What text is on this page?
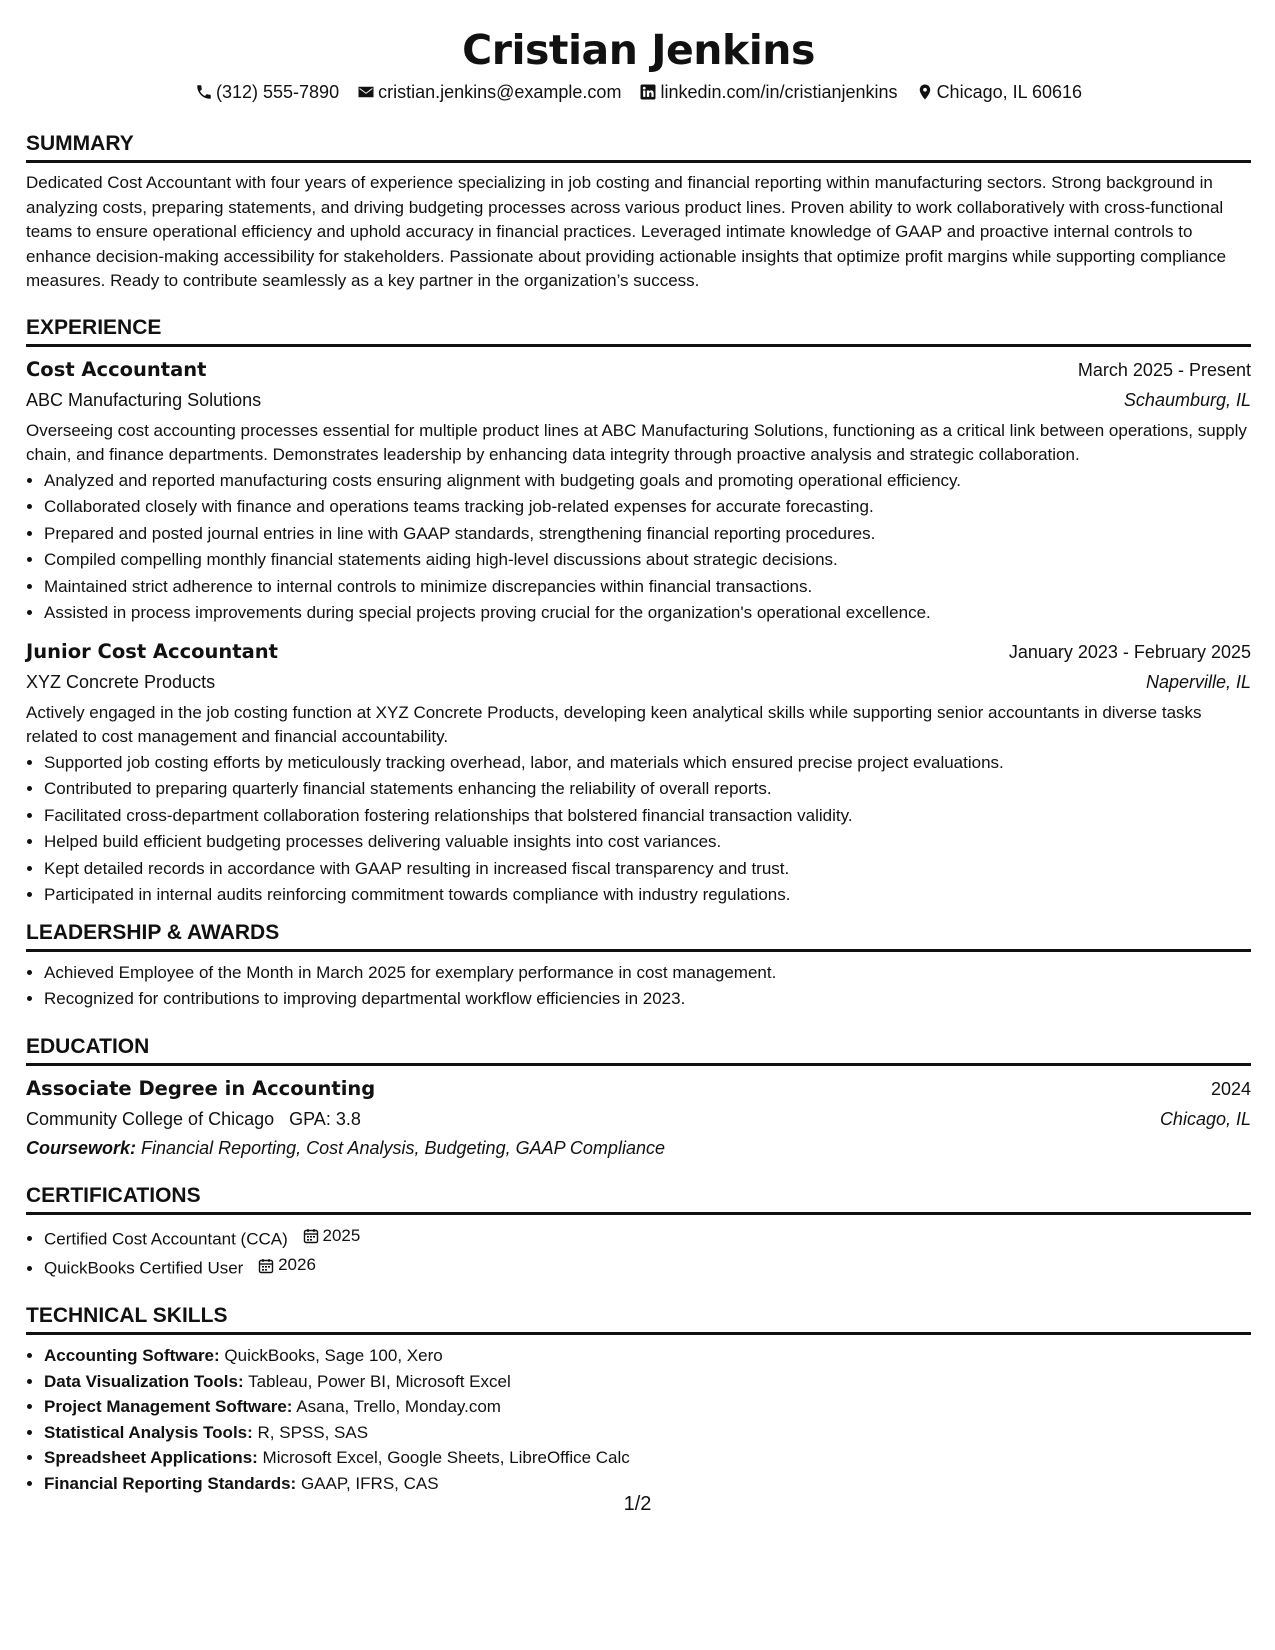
Cristian Jenkins
(312) 555-7890 cristian.jenkins@example.com linkedin.com/in/cristianjenkins Chicago, IL 60616
SUMMARY

Dedicated Cost Accountant with four years of experience specializing in job costing and financial reporting within manufacturing sectors. Strong background in analyzing costs, preparing statements, and driving budgeting processes across various product lines. Proven ability to work collaboratively with cross-functional teams to ensure operational efficiency and uphold accuracy in financial practices. Leveraged intimate knowledge of GAAP and proactive internal controls to enhance decision-making accessibility for stakeholders. Passionate about providing actionable insights that optimize profit margins while supporting compliance measures. Ready to contribute seamlessly as a key partner in the organization’s success.

EXPERIENCE
Cost Accountant	March 2025 - Present
ABC Manufacturing Solutions	Schaumburg, IL

Overseeing cost accounting processes essential for multiple product lines at ABC Manufacturing Solutions, functioning as a critical link between operations, supply chain, and finance departments. Demonstrates leadership by enhancing data integrity through proactive analysis and strategic collaboration.

• Analyzed and reported manufacturing costs ensuring alignment with budgeting goals and promoting operational efficiency.
• Collaborated closely with finance and operations teams tracking job-related expenses for accurate forecasting.
• Prepared and posted journal entries in line with GAAP standards, strengthening financial reporting procedures.
• Compiled compelling monthly financial statements aiding high-level discussions about strategic decisions.
• Maintained strict adherence to internal controls to minimize discrepancies within financial transactions.
• Assisted in process improvements during special projects proving crucial for the organization's operational excellence.
Junior Cost Accountant	January 2023 - February 2025
XYZ Concrete Products	Naperville, IL

Actively engaged in the job costing function at XYZ Concrete Products, developing keen analytical skills while supporting senior accountants in diverse tasks related to cost management and financial accountability.

• Supported job costing efforts by meticulously tracking overhead, labor, and materials which ensured precise project evaluations.
• Contributed to preparing quarterly financial statements enhancing the reliability of overall reports.
• Facilitated cross-department collaboration fostering relationships that bolstered financial transaction validity.
• Helped build efficient budgeting processes delivering valuable insights into cost variances.
• Kept detailed records in accordance with GAAP resulting in increased fiscal transparency and trust.
• Participated in internal audits reinforcing commitment towards compliance with industry regulations.
LEADERSHIP & AWARDS
• Achieved Employee of the Month in March 2025 for exemplary performance in cost management.
• Recognized for contributions to improving departmental workflow efficiencies in 2023.
EDUCATION
Associate Degree in Accounting	2024
Community College of Chicago GPA: 3.8	Chicago, IL
Coursework: Financial Reporting, Cost Analysis, Budgeting, GAAP Compliance
CERTIFICATIONS
• Certified Cost Accountant (CCA) 2025
• QuickBooks Certified User 2026
TECHNICAL SKILLS
• Accounting Software: QuickBooks, Sage 100, Xero
• Data Visualization Tools: Tableau, Power BI, Microsoft Excel
• Project Management Software: Asana, Trello, Monday.com
• Statistical Analysis Tools: R, SPSS, SAS
• Spreadsheet Applications: Microsoft Excel, Google Sheets, LibreOffice Calc
• Financial Reporting Standards: GAAP, IFRS, CAS
1/2
